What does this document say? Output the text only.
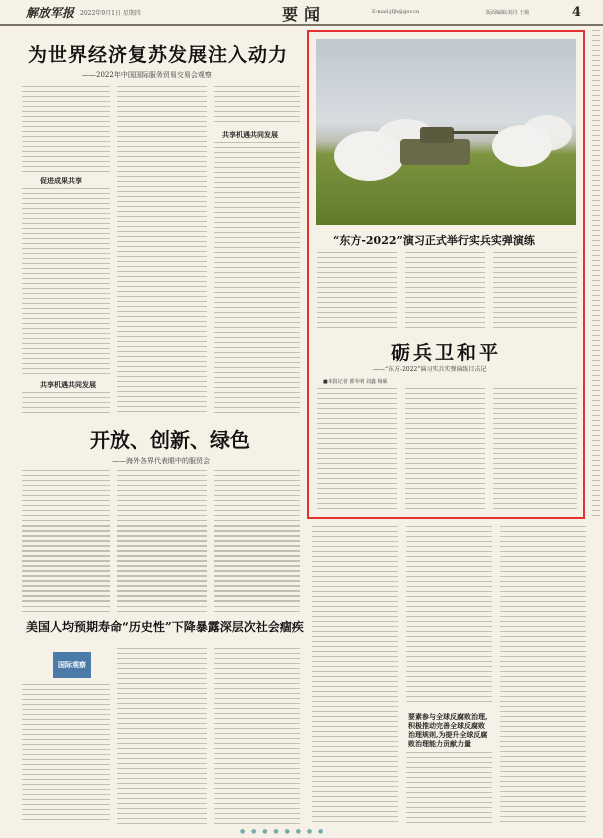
解放军报 2022年9月1日 星期四	要闻	E-mail:jfjb@gov.cn	版面编辑/刘丹 王敏	4
为世界经济复苏发展注入动力
——2022年中国国际服务贸易交易会观察
促进成果共享
共享机遇共同发展
共享机遇共同发展
开放、创新、绿色
——海外各界代表眼中的服贸会
“东方-2022”演习正式举行实兵实弹演练
砺兵卫和平
——“东方-2022”演习实兵实弹演练目击记
■本报记者 郭冬明 刘鑫 杨硕
要素参与全球反腐败治理,积极推动完善全球反腐败治理规则,为提升全球反腐败治理能力贡献力量
美国人均预期寿命“历史性”下降暴露深层次社会痼疾
国际观察
● ● ● ● ● ● ● ●
